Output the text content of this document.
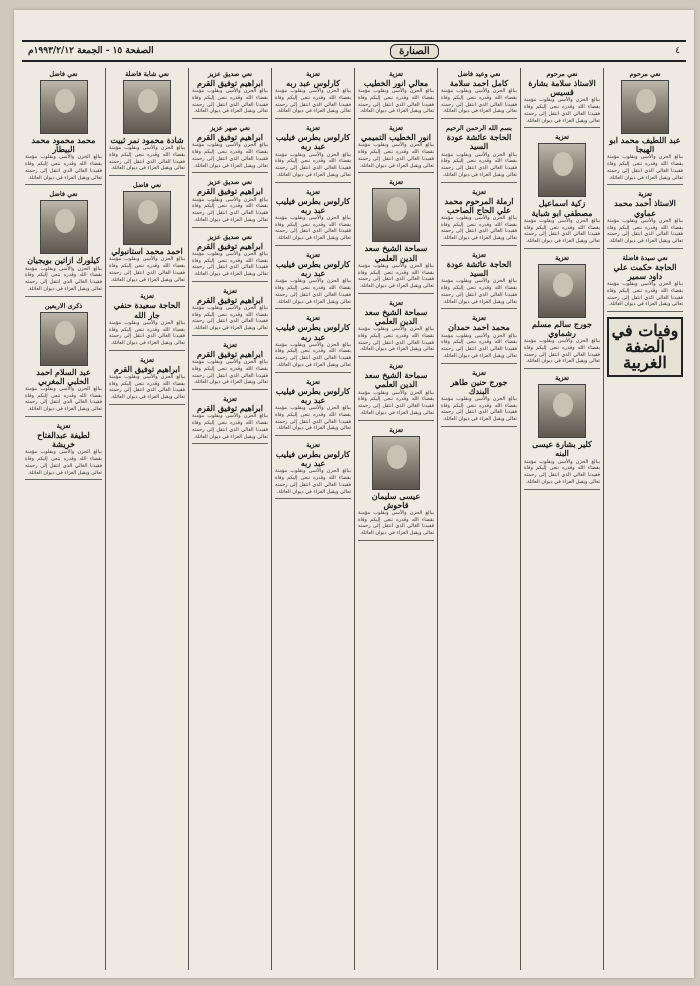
٤
الصنارة
الصفحة ١٥ - الجمعة ١٩٩٣/٢/١٢م
نعي مرحوم
عبد اللطيف محمد ابو الهيجا
ببالغ الحزن والأسى وبقلوب مؤمنة بقضاء الله وقدره ننعى إليكم وفاة فقيدنا الغالي الذي انتقل إلى رحمته تعالى ويقبل العزاء في ديوان العائلة.
تعزية
الاستاذ أحمد محمد عماوي
ببالغ الحزن والأسى وبقلوب مؤمنة بقضاء الله وقدره ننعى إليكم وفاة فقيدنا الغالي الذي انتقل إلى رحمته تعالى ويقبل العزاء في ديوان العائلة.
نعي سيدة فاضلة
الحاجة حكمت علي داود سمير
ببالغ الحزن والأسى وبقلوب مؤمنة بقضاء الله وقدره ننعى إليكم وفاة فقيدنا الغالي الذي انتقل إلى رحمته تعالى ويقبل العزاء في ديوان العائلة.
وفيات في الضفة الغربية
نعي مرحوم
الاستاذ سلامة بشارة قسيس
ببالغ الحزن والأسى وبقلوب مؤمنة بقضاء الله وقدره ننعى إليكم وفاة فقيدنا الغالي الذي انتقل إلى رحمته تعالى ويقبل العزاء في ديوان العائلة.
تعزية
زكية اسماعيل مصطفى ابو شباية
ببالغ الحزن والأسى وبقلوب مؤمنة بقضاء الله وقدره ننعى إليكم وفاة فقيدنا الغالي الذي انتقل إلى رحمته تعالى ويقبل العزاء في ديوان العائلة.
تعزية
جورج سالم مسلم رشماوي
ببالغ الحزن والأسى وبقلوب مؤمنة بقضاء الله وقدره ننعى إليكم وفاة فقيدنا الغالي الذي انتقل إلى رحمته تعالى ويقبل العزاء في ديوان العائلة.
تعزية
كلير بشارة عيسى البنه
ببالغ الحزن والأسى وبقلوب مؤمنة بقضاء الله وقدره ننعى إليكم وفاة فقيدنا الغالي الذي انتقل إلى رحمته تعالى ويقبل العزاء في ديوان العائلة.
نعي وعيد فاضل
كامل احمد سلامة
ببالغ الحزن والأسى وبقلوب مؤمنة بقضاء الله وقدره ننعى إليكم وفاة فقيدنا الغالي الذي انتقل إلى رحمته تعالى ويقبل العزاء في ديوان العائلة.
بسم الله الرحمن الرحيم
الحاجة عائشة عودة السيد
ببالغ الحزن والأسى وبقلوب مؤمنة بقضاء الله وقدره ننعى إليكم وفاة فقيدنا الغالي الذي انتقل إلى رحمته تعالى ويقبل العزاء في ديوان العائلة.
تعزية
ارملة المرحوم محمد علي الحاج الصاحب
ببالغ الحزن والأسى وبقلوب مؤمنة بقضاء الله وقدره ننعى إليكم وفاة فقيدنا الغالي الذي انتقل إلى رحمته تعالى ويقبل العزاء في ديوان العائلة.
تعزية
الحاجة عائشة عودة السيد
ببالغ الحزن والأسى وبقلوب مؤمنة بقضاء الله وقدره ننعى إليكم وفاة فقيدنا الغالي الذي انتقل إلى رحمته تعالى ويقبل العزاء في ديوان العائلة.
تعزية
محمد احمد حمدان
ببالغ الحزن والأسى وبقلوب مؤمنة بقضاء الله وقدره ننعى إليكم وفاة فقيدنا الغالي الذي انتقل إلى رحمته تعالى ويقبل العزاء في ديوان العائلة.
تعزية
جورج حنين طاهر البندك
ببالغ الحزن والأسى وبقلوب مؤمنة بقضاء الله وقدره ننعى إليكم وفاة فقيدنا الغالي الذي انتقل إلى رحمته تعالى ويقبل العزاء في ديوان العائلة.
تعزية
معالي انور الخطيب
ببالغ الحزن والأسى وبقلوب مؤمنة بقضاء الله وقدره ننعى إليكم وفاة فقيدنا الغالي الذي انتقل إلى رحمته تعالى ويقبل العزاء في ديوان العائلة.
تعزية
انور الخطيب التميمي
ببالغ الحزن والأسى وبقلوب مؤمنة بقضاء الله وقدره ننعى إليكم وفاة فقيدنا الغالي الذي انتقل إلى رحمته تعالى ويقبل العزاء في ديوان العائلة.
تعزية
سماحة الشيخ سعد الدين العلمي
ببالغ الحزن والأسى وبقلوب مؤمنة بقضاء الله وقدره ننعى إليكم وفاة فقيدنا الغالي الذي انتقل إلى رحمته تعالى ويقبل العزاء في ديوان العائلة.
تعزية
سماحة الشيخ سعد الدين العلمي
ببالغ الحزن والأسى وبقلوب مؤمنة بقضاء الله وقدره ننعى إليكم وفاة فقيدنا الغالي الذي انتقل إلى رحمته تعالى ويقبل العزاء في ديوان العائلة.
تعزية
سماحة الشيخ سعد الدين العلمي
ببالغ الحزن والأسى وبقلوب مؤمنة بقضاء الله وقدره ننعى إليكم وفاة فقيدنا الغالي الذي انتقل إلى رحمته تعالى ويقبل العزاء في ديوان العائلة.
تعزية
عيسى سليمان قاحوش
ببالغ الحزن والأسى وبقلوب مؤمنة بقضاء الله وقدره ننعى إليكم وفاة فقيدنا الغالي الذي انتقل إلى رحمته تعالى ويقبل العزاء في ديوان العائلة.
تعزية
كارلوس عبد ربه
ببالغ الحزن والأسى وبقلوب مؤمنة بقضاء الله وقدره ننعى إليكم وفاة فقيدنا الغالي الذي انتقل إلى رحمته تعالى ويقبل العزاء في ديوان العائلة.
تعزية
كارلوس بطرس فيليب عبد ربه
ببالغ الحزن والأسى وبقلوب مؤمنة بقضاء الله وقدره ننعى إليكم وفاة فقيدنا الغالي الذي انتقل إلى رحمته تعالى ويقبل العزاء في ديوان العائلة.
تعزية
كارلوس بطرس فيليب عبد ربه
ببالغ الحزن والأسى وبقلوب مؤمنة بقضاء الله وقدره ننعى إليكم وفاة فقيدنا الغالي الذي انتقل إلى رحمته تعالى ويقبل العزاء في ديوان العائلة.
تعزية
كارلوس بطرس فيليب عبد ربه
ببالغ الحزن والأسى وبقلوب مؤمنة بقضاء الله وقدره ننعى إليكم وفاة فقيدنا الغالي الذي انتقل إلى رحمته تعالى ويقبل العزاء في ديوان العائلة.
تعزية
كارلوس بطرس فيليب عبد ربه
ببالغ الحزن والأسى وبقلوب مؤمنة بقضاء الله وقدره ننعى إليكم وفاة فقيدنا الغالي الذي انتقل إلى رحمته تعالى ويقبل العزاء في ديوان العائلة.
تعزية
كارلوس بطرس فيليب عبد ربه
ببالغ الحزن والأسى وبقلوب مؤمنة بقضاء الله وقدره ننعى إليكم وفاة فقيدنا الغالي الذي انتقل إلى رحمته تعالى ويقبل العزاء في ديوان العائلة.
تعزية
كارلوس بطرس فيليب عبد ربه
ببالغ الحزن والأسى وبقلوب مؤمنة بقضاء الله وقدره ننعى إليكم وفاة فقيدنا الغالي الذي انتقل إلى رحمته تعالى ويقبل العزاء في ديوان العائلة.
نعي صديق عزيز
ابراهيم توفيق القرم
ببالغ الحزن والأسى وبقلوب مؤمنة بقضاء الله وقدره ننعى إليكم وفاة فقيدنا الغالي الذي انتقل إلى رحمته تعالى ويقبل العزاء في ديوان العائلة.
نعي صهر عزيز
ابراهيم توفيق القرم
ببالغ الحزن والأسى وبقلوب مؤمنة بقضاء الله وقدره ننعى إليكم وفاة فقيدنا الغالي الذي انتقل إلى رحمته تعالى ويقبل العزاء في ديوان العائلة.
نعي صديق عزيز
ابراهيم توفيق القرم
ببالغ الحزن والأسى وبقلوب مؤمنة بقضاء الله وقدره ننعى إليكم وفاة فقيدنا الغالي الذي انتقل إلى رحمته تعالى ويقبل العزاء في ديوان العائلة.
نعي صديق عزيز
ابراهيم توفيق القرم
ببالغ الحزن والأسى وبقلوب مؤمنة بقضاء الله وقدره ننعى إليكم وفاة فقيدنا الغالي الذي انتقل إلى رحمته تعالى ويقبل العزاء في ديوان العائلة.
تعزية
ابراهيم توفيق القرم
ببالغ الحزن والأسى وبقلوب مؤمنة بقضاء الله وقدره ننعى إليكم وفاة فقيدنا الغالي الذي انتقل إلى رحمته تعالى ويقبل العزاء في ديوان العائلة.
تعزية
ابراهيم توفيق القرم
ببالغ الحزن والأسى وبقلوب مؤمنة بقضاء الله وقدره ننعى إليكم وفاة فقيدنا الغالي الذي انتقل إلى رحمته تعالى ويقبل العزاء في ديوان العائلة.
تعزية
ابراهيم توفيق القرم
ببالغ الحزن والأسى وبقلوب مؤمنة بقضاء الله وقدره ننعى إليكم وفاة فقيدنا الغالي الذي انتقل إلى رحمته تعالى ويقبل العزاء في ديوان العائلة.
نعي شابة فاضلة
شادة محمود نمر ثبيت
ببالغ الحزن والأسى وبقلوب مؤمنة بقضاء الله وقدره ننعى إليكم وفاة فقيدنا الغالي الذي انتقل إلى رحمته تعالى ويقبل العزاء في ديوان العائلة.
نعي فاضل
احمد محمد استانبولي
ببالغ الحزن والأسى وبقلوب مؤمنة بقضاء الله وقدره ننعى إليكم وفاة فقيدنا الغالي الذي انتقل إلى رحمته تعالى ويقبل العزاء في ديوان العائلة.
تعزية
الحاجة سعيدة حنفي جار الله
ببالغ الحزن والأسى وبقلوب مؤمنة بقضاء الله وقدره ننعى إليكم وفاة فقيدنا الغالي الذي انتقل إلى رحمته تعالى ويقبل العزاء في ديوان العائلة.
تعزية
ابراهيم توفيق القرم
ببالغ الحزن والأسى وبقلوب مؤمنة بقضاء الله وقدره ننعى إليكم وفاة فقيدنا الغالي الذي انتقل إلى رحمته تعالى ويقبل العزاء في ديوان العائلة.
نعي فاضل
محمد محمود محمد البيطار
ببالغ الحزن والأسى وبقلوب مؤمنة بقضاء الله وقدره ننعى إليكم وفاة فقيدنا الغالي الذي انتقل إلى رحمته تعالى ويقبل العزاء في ديوان العائلة.
نعي فاضل
كيلورك ازاتين بويجيان
ببالغ الحزن والأسى وبقلوب مؤمنة بقضاء الله وقدره ننعى إليكم وفاة فقيدنا الغالي الذي انتقل إلى رحمته تعالى ويقبل العزاء في ديوان العائلة.
ذكرى الاربعين
عبد السلام احمد الحلبي المغربي
ببالغ الحزن والأسى وبقلوب مؤمنة بقضاء الله وقدره ننعى إليكم وفاة فقيدنا الغالي الذي انتقل إلى رحمته تعالى ويقبل العزاء في ديوان العائلة.
تعزية
لطيفة عبدالفتاح خريشة
ببالغ الحزن والأسى وبقلوب مؤمنة بقضاء الله وقدره ننعى إليكم وفاة فقيدنا الغالي الذي انتقل إلى رحمته تعالى ويقبل العزاء في ديوان العائلة.
